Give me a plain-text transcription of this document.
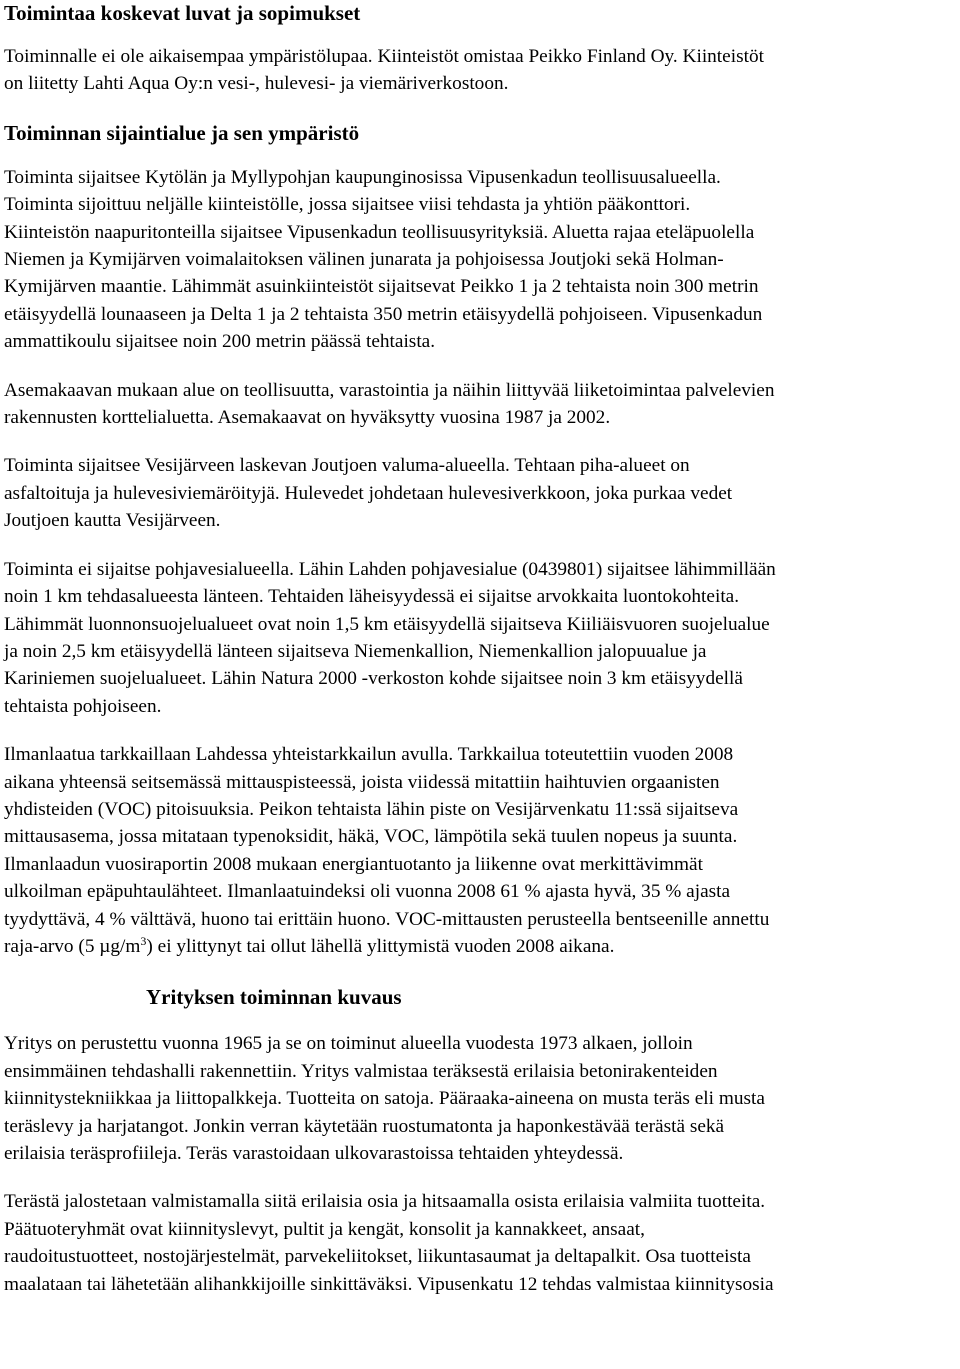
Toimintaa koskevat luvat ja sopimukset

Toiminnalle ei ole aikaisempaa ympäristölupaa. Kiinteistöt omistaa Peikko Finland Oy. Kiinteistöt
on liitetty Lahti Aqua Oy:n vesi-, hulevesi- ja viemäriverkostoon.

Toiminnan sijaintialue ja sen ympäristö

Toiminta sijaitsee Kytölän ja Myllypohjan kaupunginosissa Vipusenkadun teollisuusalueella.
Toiminta sijoittuu neljälle kiinteistölle, jossa sijaitsee viisi tehdasta ja yhtiön pääkonttori.
Kiinteistön naapuritonteilla sijaitsee Vipusenkadun teollisuusyrityksiä. Aluetta rajaa eteläpuolella
Niemen ja Kymijärven voimalaitoksen välinen junarata ja pohjoisessa Joutjoki sekä Holman-
Kymijärven maantie. Lähimmät asuinkiinteistöt sijaitsevat Peikko 1 ja 2 tehtaista noin 300 metrin
etäisyydellä lounaaseen ja Delta 1 ja 2 tehtaista 350 metrin etäisyydellä pohjoiseen. Vipusenkadun
ammattikoulu sijaitsee noin 200 metrin päässä tehtaista.

Asemakaavan mukaan alue on teollisuutta, varastointia ja näihin liittyvää liiketoimintaa palvelevien
rakennusten korttelialuetta. Asemakaavat on hyväksytty vuosina 1987 ja 2002.

Toiminta sijaitsee Vesijärveen laskevan Joutjoen valuma-alueella. Tehtaan piha-alueet on
asfaltoituja ja hulevesiviemäröityjä. Hulevedet johdetaan hulevesiverkkoon, joka purkaa vedet
Joutjoen kautta Vesijärveen.

Toiminta ei sijaitse pohjavesialueella. Lähin Lahden pohjavesialue (0439801) sijaitsee lähimmillään
noin 1 km tehdasalueesta länteen. Tehtaiden läheisyydessä ei sijaitse arvokkaita luontokohteita.
Lähimmät luonnonsuojelualueet ovat noin 1,5 km etäisyydellä sijaitseva Kiiliäisvuoren suojelualue
ja noin 2,5 km etäisyydellä länteen sijaitseva Niemenkallion, Niemenkallion jalopuualue ja
Kariniemen suojelualueet. Lähin Natura 2000 -verkoston kohde sijaitsee noin 3 km etäisyydellä
tehtaista pohjoiseen.

Ilmanlaatua tarkkaillaan Lahdessa yhteistarkkailun avulla. Tarkkailua toteutettiin vuoden 2008
aikana yhteensä seitsemässä mittauspisteessä, joista viidessä mitattiin haihtuvien orgaanisten
yhdisteiden (VOC) pitoisuuksia. Peikon tehtaista lähin piste on Vesijärvenkatu 11:ssä sijaitseva
mittausasema, jossa mitataan typenoksidit, häkä, VOC, lämpötila sekä tuulen nopeus ja suunta.
Ilmanlaadun vuosiraportin 2008 mukaan energiantuotanto ja liikenne ovat merkittävimmät
ulkoilman epäpuhtaulähteet. Ilmanlaatuindeksi oli vuonna 2008 61 % ajasta hyvä, 35 % ajasta
tyydyttävä, 4 % välttävä, huono tai erittäin huono. VOC-mittausten perusteella bentseenille annettu
raja-arvo (5 $\mu g/m^3$) ei ylittynyt tai ollut lähellä ylittymistä vuoden 2008 aikana.

Yrityksen toiminnan kuvaus

Yritys on perustettu vuonna 1965 ja se on toiminut alueella vuodesta 1973 alkaen, jolloin
ensimmäinen tehdashalli rakennettiin. Yritys valmistaa teräksestä erilaisia betonirakenteiden
kiinnitystekniikkaa ja liittopalkkeja. Tuotteita on satoja. Pääraaka-aineena on musta teräs eli musta
teräslevy ja harjatangot. Jonkin verran käytetään ruostumatonta ja haponkestävää terästä sekä
erilaisia teräsprofiileja. Teräs varastoidaan ulkovarastoissa tehtaiden yhteydessä.

Terästä jalostetaan valmistamalla siitä erilaisia osia ja hitsaamalla osista erilaisia valmiita tuotteita.
Päätuoteryhmät ovat kiinnityslevyt, pultit ja kengät, konsolit ja kannakkeet, ansaat,
raudoitustuotteet, nostojärjestelmät, parvekeliitokset, liikuntasaumat ja deltapalkit. Osa tuotteista
maalataan tai lähetetään alihankkijoille sinkittäväksi. Vipusenkatu 12 tehdas valmistaa kiinnitysosia
